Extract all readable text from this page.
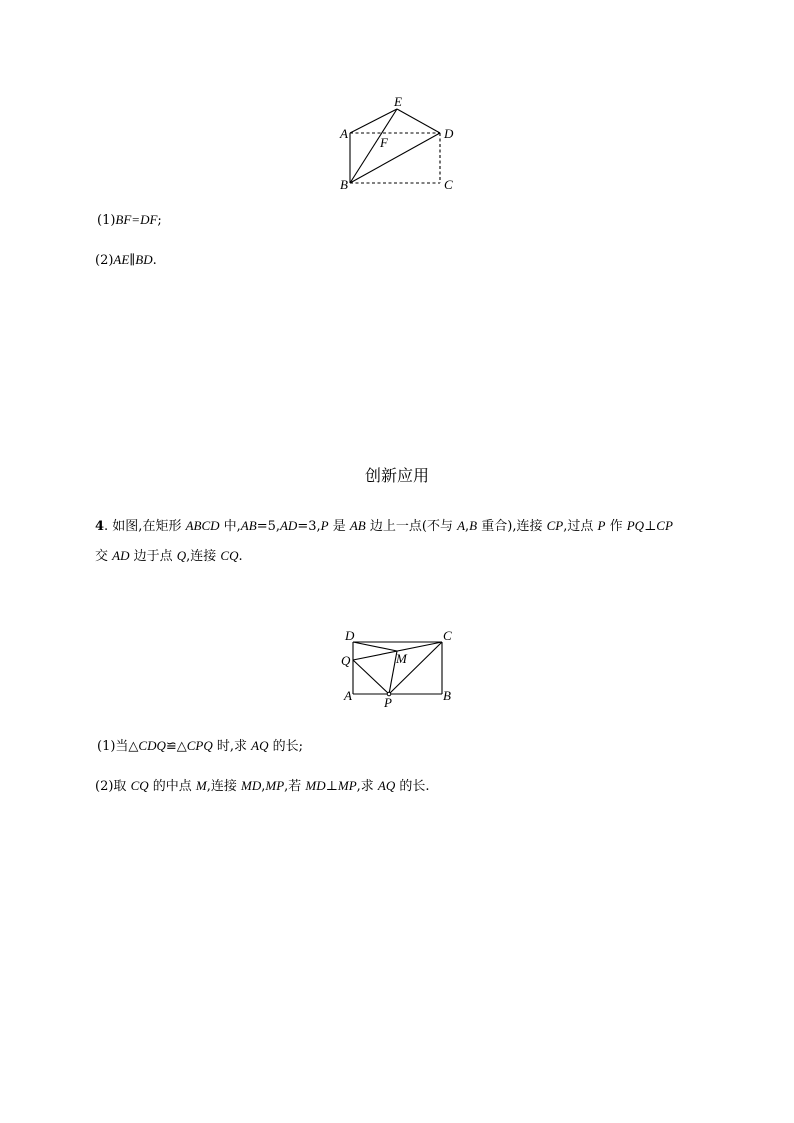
A
B	C
D
E
F
(1)BF=DF;
(2)AE∥BD.
创新应用
4. 如图,在矩形 ABCD 中,AB=5,AD=3,P 是 AB 边上一点(不与 A,B 重合),连接 CP,过点 P 作 PQ⊥CP
交 AD 边于点 Q,连接 CQ.
D	C
Q	M
A P	B
(1)当△CDQ≌△CPQ 时,求 AQ 的长;
(2)取 CQ 的中点 M,连接 MD,MP,若 MD⊥MP,求 AQ 的长.
